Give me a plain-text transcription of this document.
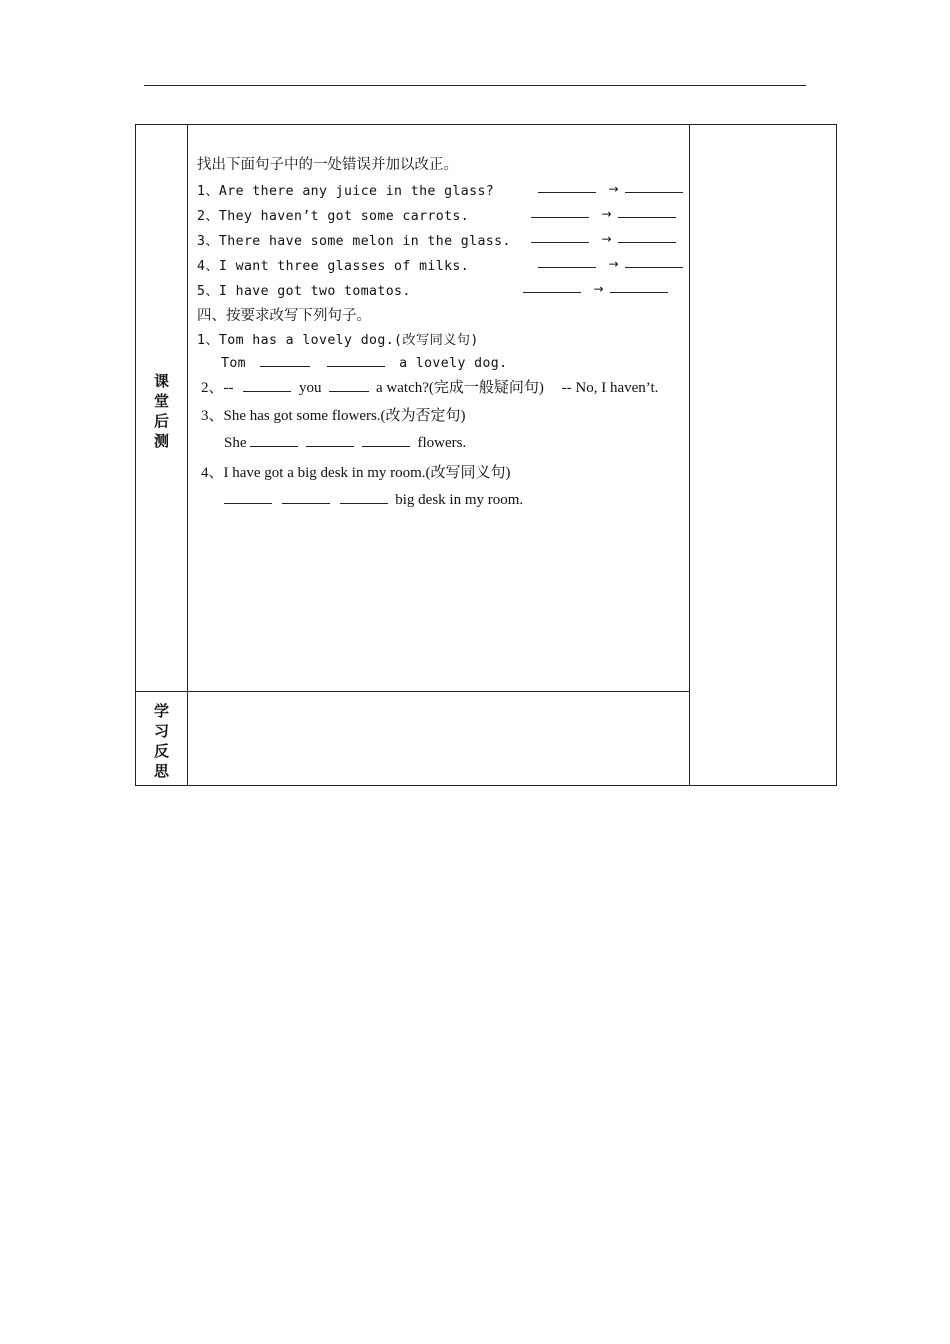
课
堂
后
测
学
习
反
思
找出下面句子中的一处错误并加以改正。
1、Are there any juice in the glass?	→
2、They haven’t got some carrots.	→
3、There have some melon in the glass.	→
4、I want three glasses of milks.	→
5、I have got two tomatos.	→
四、按要求改写下列句子。
1、Tom has a lovely dog.(改写同义句)
Tom	a lovely dog.
2、--	you	a watch?(完成一般疑问句) -- No, I haven’t.
3、She has got some flowers.(改为否定句)
She	flowers.
4、I have got a big desk in my room.(改写同义句)
big desk in my room.
